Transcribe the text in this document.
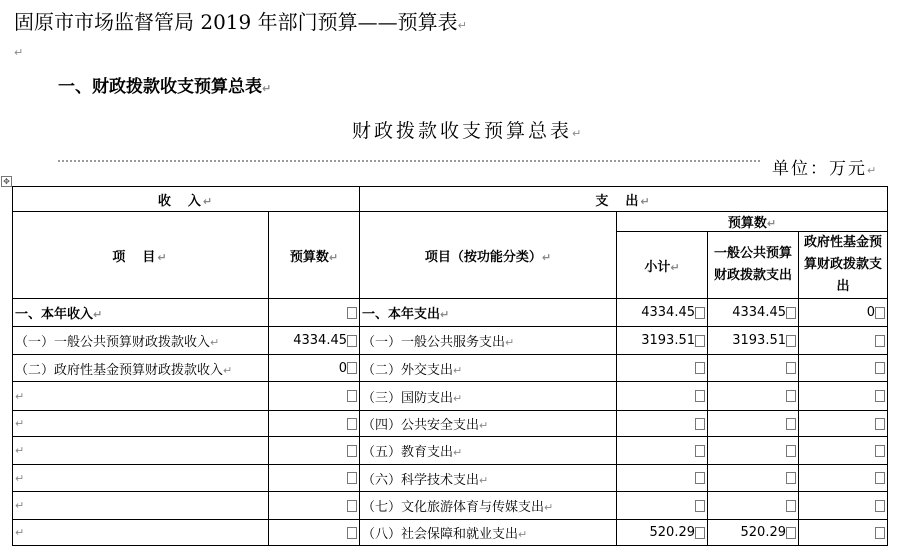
固原市市场监督管局 2019 年部门预算——预算表↵
↵
一、财政拨款收支预算总表↵
财政拨款收支预算总表↵
单位：万元↵
✥
收　入↵		支　出↵			
项　目↵	预算数↵	项目（按功能分类）↵	预算数↵		
			小计↵	一般公共预算财政拨款支出	政府性基金预算财政拨款支出
一、本年收入↵		一、本年支出↵	4334.45	4334.45	0
（一）一般公共预算财政拨款收入↵	4334.45	（一）一般公共服务支出↵	3193.51	3193.51	
（二）政府性基金预算财政拨款收入↵	0	（二）外交支出↵			
↵		（三）国防支出↵			
↵		（四）公共安全支出↵			
↵		（五）教育支出↵			
↵		（六）科学技术支出↵			
↵		（七）文化旅游体育与传媒支出↵			
↵		（八）社会保障和就业支出↵	520.29	520.29	
